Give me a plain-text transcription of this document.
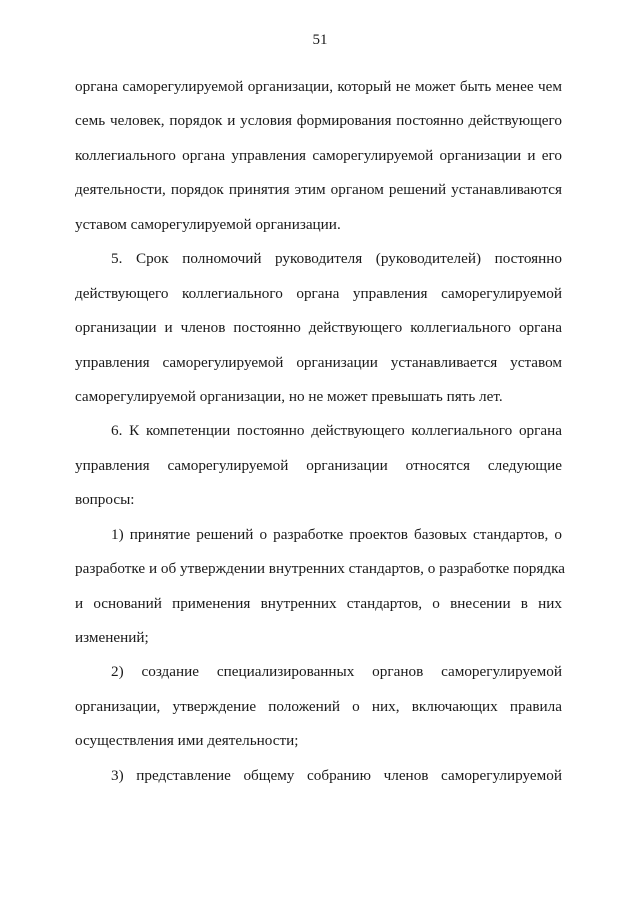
51
органа саморегулируемой организации, который не может быть менее чем
семь человек, порядок и условия формирования постоянно действующего
коллегиального органа управления саморегулируемой организации и его
деятельности, порядок принятия этим органом решений устанавливаются
уставом саморегулируемой организации.
5. Срок полномочий руководителя (руководителей) постоянно
действующего коллегиального органа управления саморегулируемой
организации и членов постоянно действующего коллегиального органа
управления саморегулируемой организации устанавливается уставом
саморегулируемой организации, но не может превышать пять лет.
6. К компетенции постоянно действующего коллегиального органа
управления саморегулируемой организации относятся следующие
вопросы:
1) принятие решений о разработке проектов базовых стандартов, о
разработке и об утверждении внутренних стандартов, о разработке порядка
и оснований применения внутренних стандартов, о внесении в них
изменений;
2) создание специализированных органов саморегулируемой
организации, утверждение положений о них, включающих правила
осуществления ими деятельности;
3) представление общему собранию членов саморегулируемой
